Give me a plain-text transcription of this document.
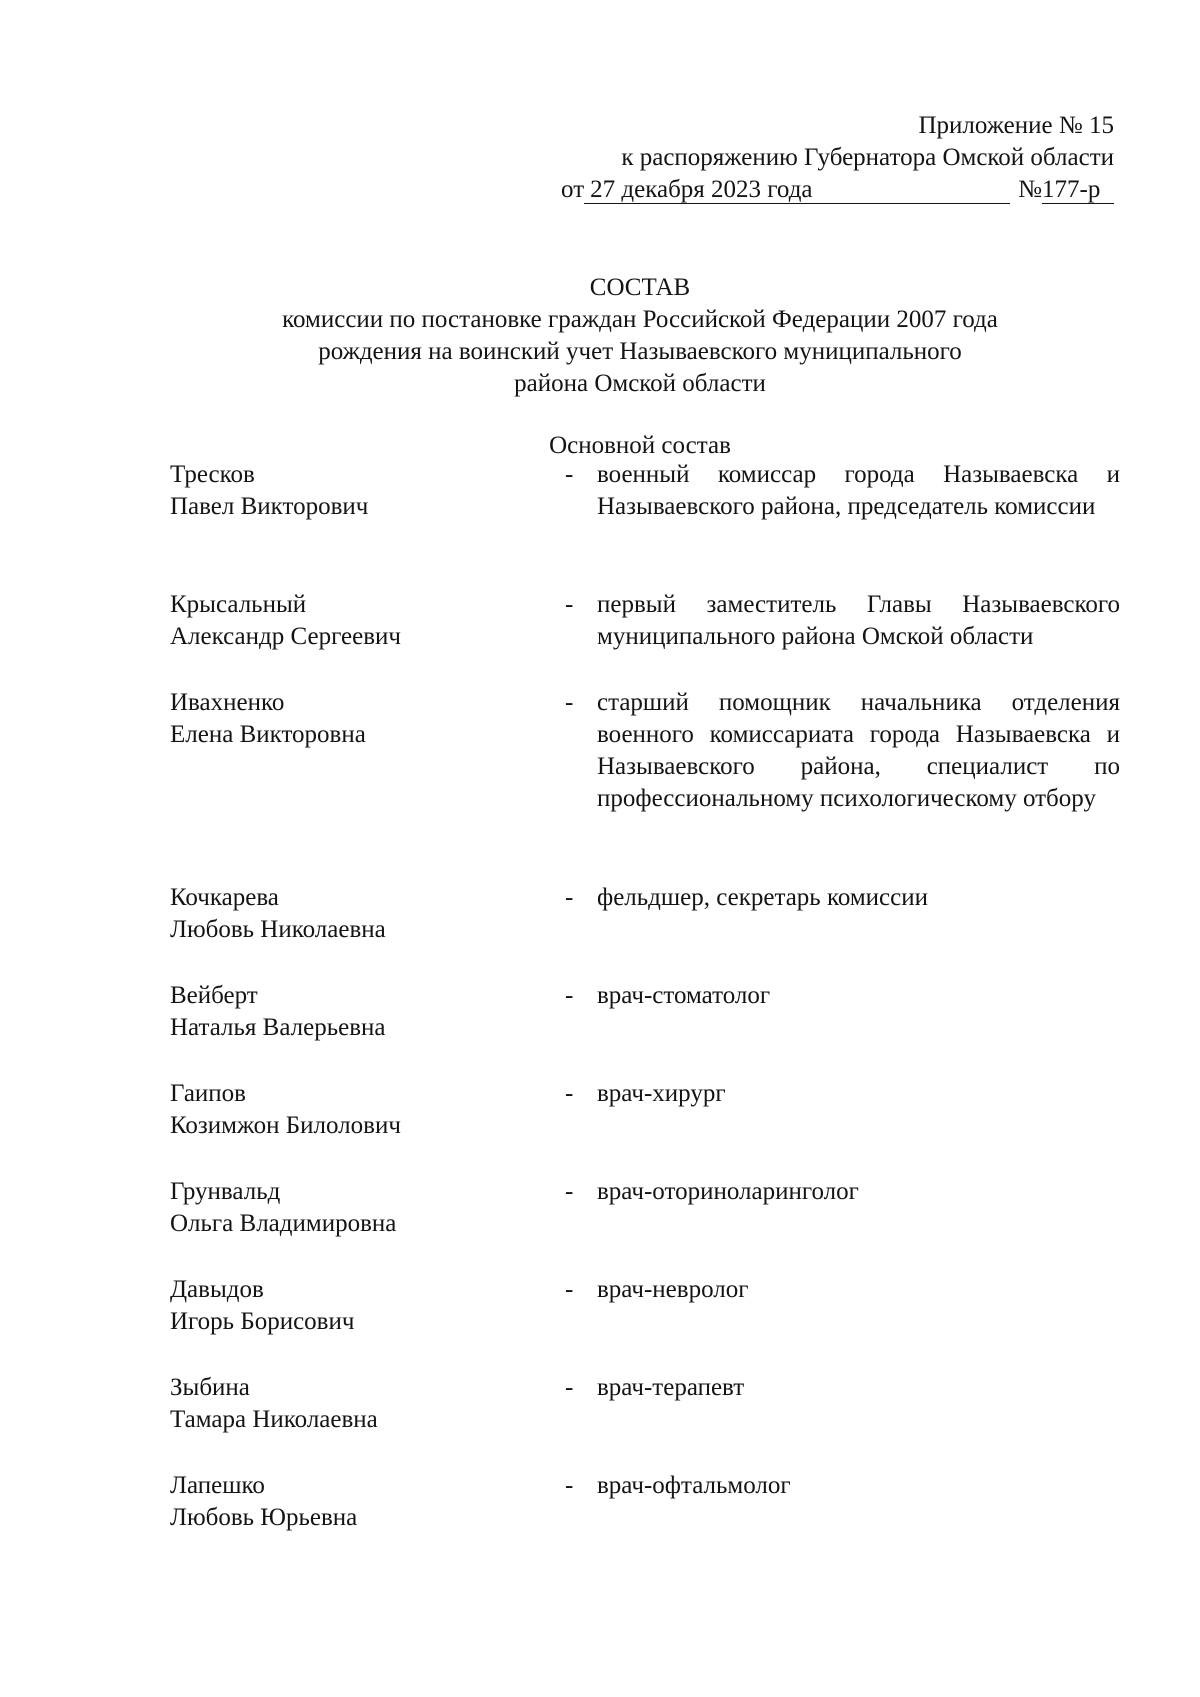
Приложение № 15
к распоряжению Губернатора Омской области
от 27 декабря 2023 года	№ 177-р
СОСТАВ
комиссии по постановке граждан Российской Федерации 2007 года
рождения на воинский учет Называевского муниципального
района Омской области
Основной состав
Тресков
Павел Викторович
- военный комиссар города Называевска и Называевского района, председатель комиссии
Крысальный
Александр Сергеевич
- первый заместитель Главы Называевского муниципального района Омской области
Ивахненко
Елена Викторовна
- старший помощник начальника отделения военного комиссариата города Называевска и Называевского района, специалист по профессиональному психологическому отбору
Кочкарева
Любовь Николаевна
- фельдшер, секретарь комиссии
Вейберт
Наталья Валерьевна
- врач-стоматолог
Гаипов
Козимжон Билолович
- врач-хирург
Грунвальд
Ольга Владимировна
- врач-оториноларинголог
Давыдов
Игорь Борисович
- врач-невролог
Зыбина
Тамара Николаевна
- врач-терапевт
Лапешко
Любовь Юрьевна
- врач-офтальмолог
